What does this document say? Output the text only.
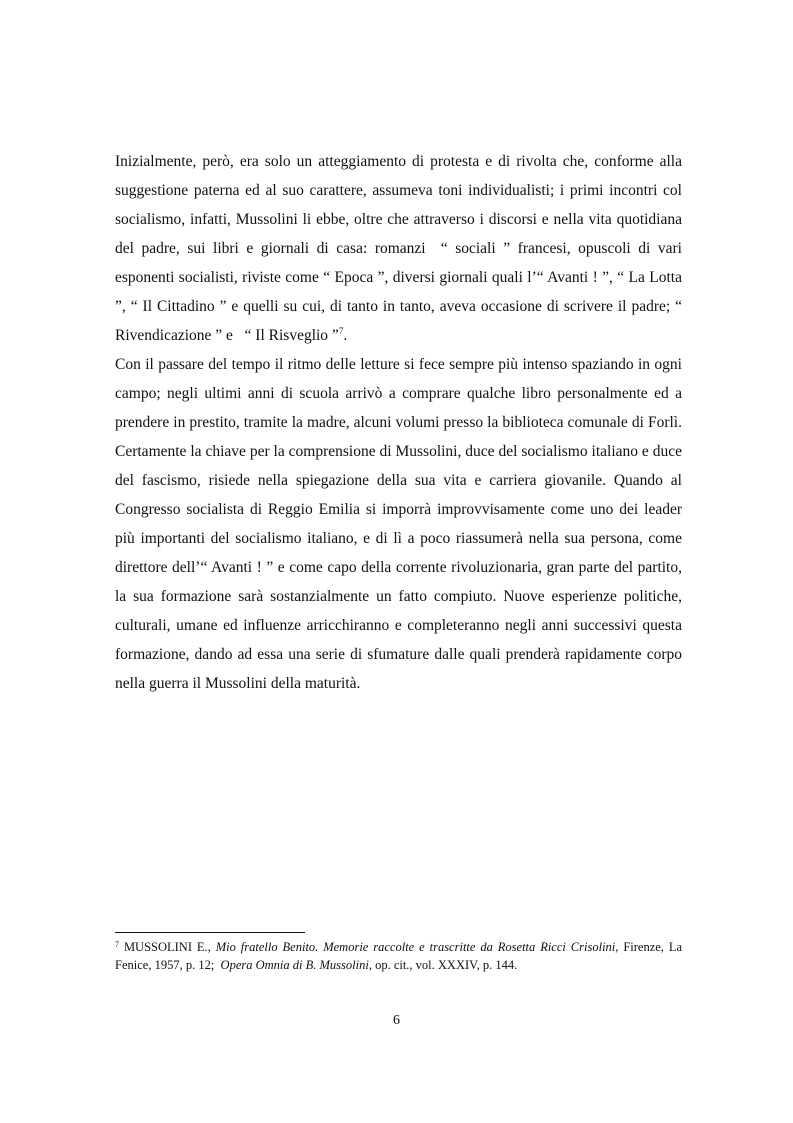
Inizialmente, però, era solo un atteggiamento di protesta e di rivolta che, conforme alla suggestione paterna ed al suo carattere, assumeva toni individualisti; i primi incontri col socialismo, infatti, Mussolini li ebbe, oltre che attraverso i discorsi e nella vita quotidiana del padre, sui libri e giornali di casa: romanzi  “ sociali ” francesi, opuscoli di vari esponenti socialisti, riviste come “ Epoca ”, diversi giornali quali l’“ Avanti ! ”, “ La Lotta ”, “ Il Cittadino ” e quelli su cui, di tanto in tanto, aveva occasione di scrivere il padre; “ Rivendicazione ” e   “ Il Risveglio ”$^7$.

Con il passare del tempo il ritmo delle letture si fece sempre più intenso spaziando in ogni campo; negli ultimi anni di scuola arrivò a comprare qualche libro personalmente ed a prendere in prestito, tramite la madre, alcuni volumi presso la biblioteca comunale di Forlì. Certamente la chiave per la comprensione di Mussolini, duce del socialismo italiano e duce del fascismo, risiede nella spiegazione della sua vita e carriera giovanile. Quando al Congresso socialista di Reggio Emilia si imporrà improvvisamente come uno dei leader più importanti del socialismo italiano, e di lì a poco riassumerà nella sua persona, come direttore dell’“ Avanti ! ” e come capo della corrente rivoluzionaria, gran parte del partito, la sua formazione sarà sostanzialmente un fatto compiuto. Nuove esperienze politiche, culturali, umane ed influenze arricchiranno e completeranno negli anni successivi questa formazione, dando ad essa una serie di sfumature dalle quali prenderà rapidamente corpo nella guerra il Mussolini della maturità.

$^7$ MUSSOLINI E., Mio fratello Benito. Memorie raccolte e trascritte da Rosetta Ricci Crisolini, Firenze, La Fenice, 1957, p. 12;  Opera Omnia di B. Mussolini, op. cit., vol. XXXIV, p. 144.
6
